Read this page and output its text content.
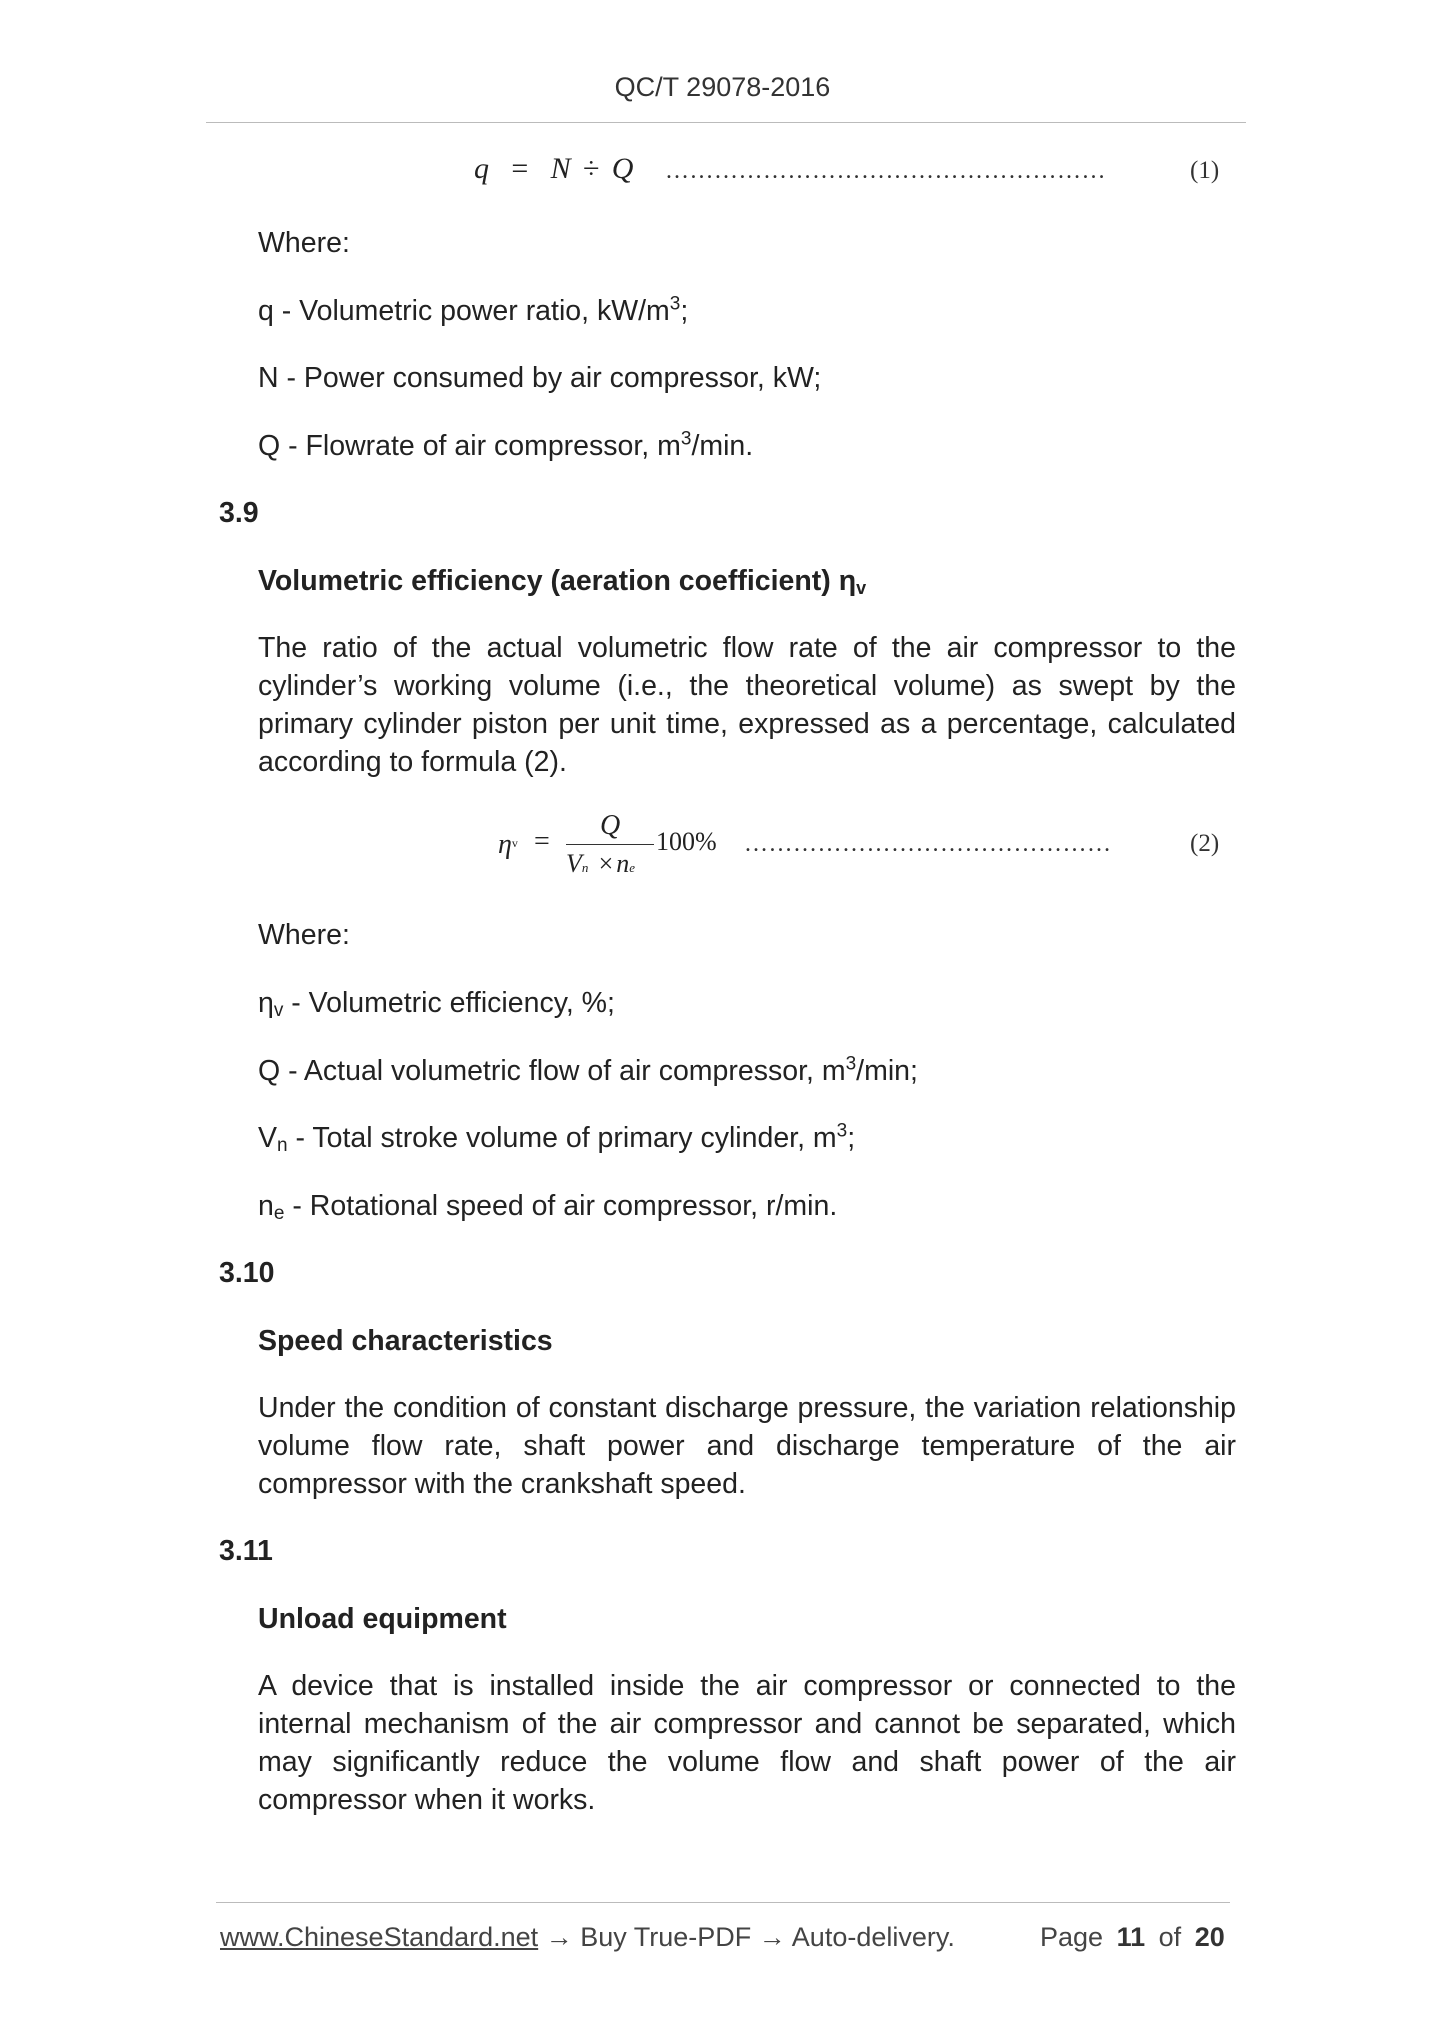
QC/T 29078-2016
q = N ÷ Q ………………………………………………	(1)
Where:
q - Volumetric power ratio, $kW/m^3$;
N - Power consumed by air compressor, kW;
Q - Flowrate of air compressor, $m^3/\min$.
3.9
Volumetric efficiency (aeration coefficient) $\eta_v$
The ratio of the actual volumetric flow rate of the air compressor to the cylinder’s working volume (i.e., the theoretical volume) as swept by the primary cylinder piston per unit time, expressed as a percentage, calculated according to formula (2).
$\eta^v$ =
Q
Vn × ne
100% ………………………………………	(2)
Where:
$\eta_v$ - Volumetric efficiency, %;
Q - Actual volumetric flow of air compressor, $m^3/\min$;
$V_n$ - Total stroke volume of primary cylinder, $m^3$;
$n_e$ - Rotational speed of air compressor, r/min.
3.10
Speed characteristics
Under the condition of constant discharge pressure, the variation relationship volume flow rate, shaft power and discharge temperature of the air compressor with the crankshaft speed.
3.11
Unload equipment
A device that is installed inside the air compressor or connected to the internal mechanism of the air compressor and cannot be separated, which may significantly reduce the volume flow and shaft power of the air compressor when it works.
www.ChineseStandard.net → Buy True-PDF → Auto-delivery.	Page 11 of 20
